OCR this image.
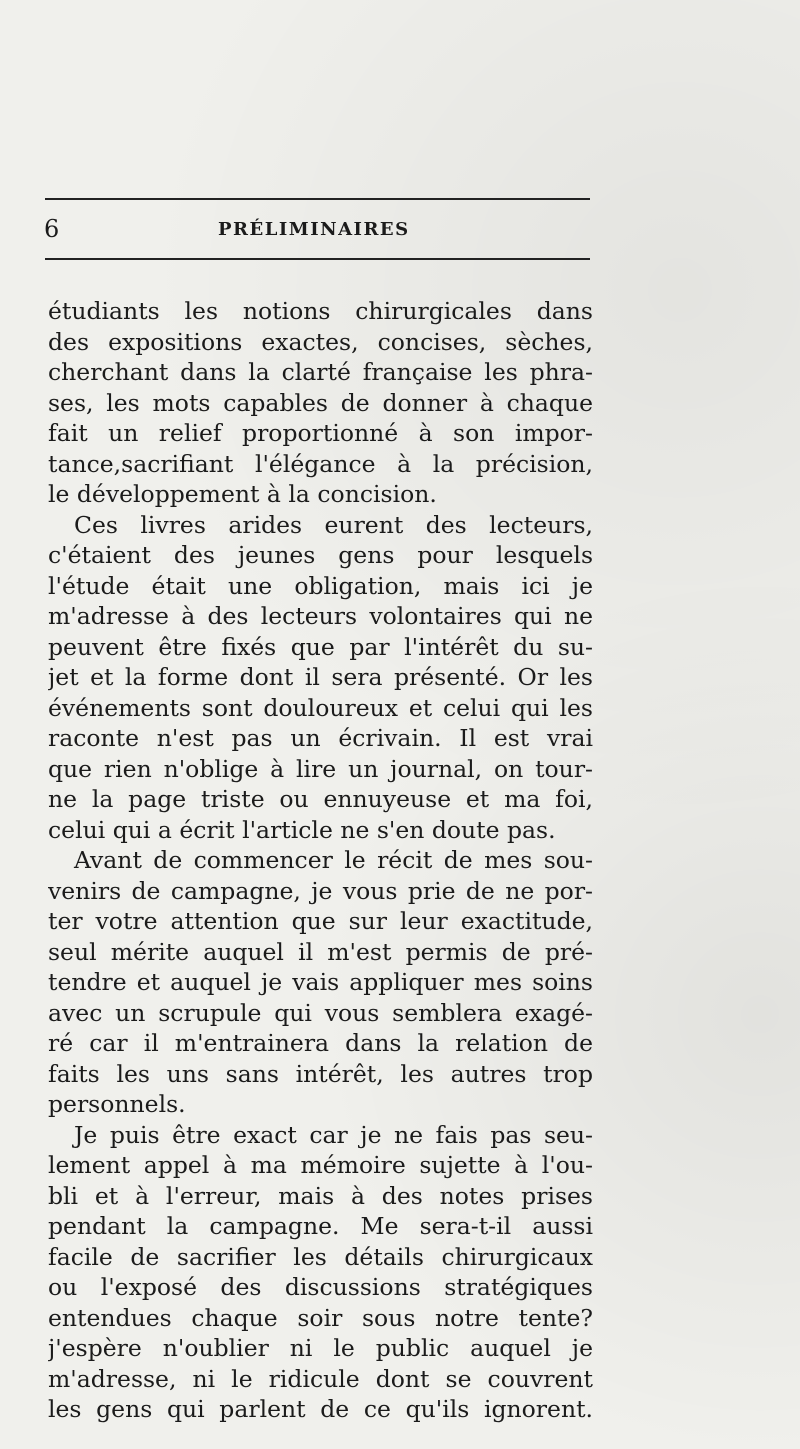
6	PRÉLIMINAIRES
étudiants les notions chirurgicales dans
des expositions exactes, concises, sèches,
cherchant dans la clarté française les phra-
ses, les mots capables de donner à chaque
fait un relief proportionné à son impor-
tance,sacrifiant l'élégance à la précision,
le développement à la concision.
Ces livres arides eurent des lecteurs,
c'étaient des jeunes gens pour lesquels
l'étude était une obligation, mais ici je
m'adresse à des lecteurs volontaires qui ne
peuvent être fixés que par l'intérêt du su-
jet et la forme dont il sera présenté. Or les
événements sont douloureux et celui qui les
raconte n'est pas un écrivain. Il est vrai
que rien n'oblige à lire un journal, on tour-
ne la page triste ou ennuyeuse et ma foi,
celui qui a écrit l'article ne s'en doute pas.
Avant de commencer le récit de mes sou-
venirs de campagne, je vous prie de ne por-
ter votre attention que sur leur exactitude,
seul mérite auquel il m'est permis de pré-
tendre et auquel je vais appliquer mes soins
avec un scrupule qui vous semblera exagé-
ré car il m'entrainera dans la relation de
faits les uns sans intérêt, les autres trop
personnels.
Je puis être exact car je ne fais pas seu-
lement appel à ma mémoire sujette à l'ou-
bli et à l'erreur, mais à des notes prises
pendant la campagne. Me sera-t-il aussi
facile de sacrifier les détails chirurgicaux
ou l'exposé des discussions stratégiques
entendues chaque soir sous notre tente?
j'espère n'oublier ni le public auquel je
m'adresse, ni le ridicule dont se couvrent
les gens qui parlent de ce qu'ils ignorent.
